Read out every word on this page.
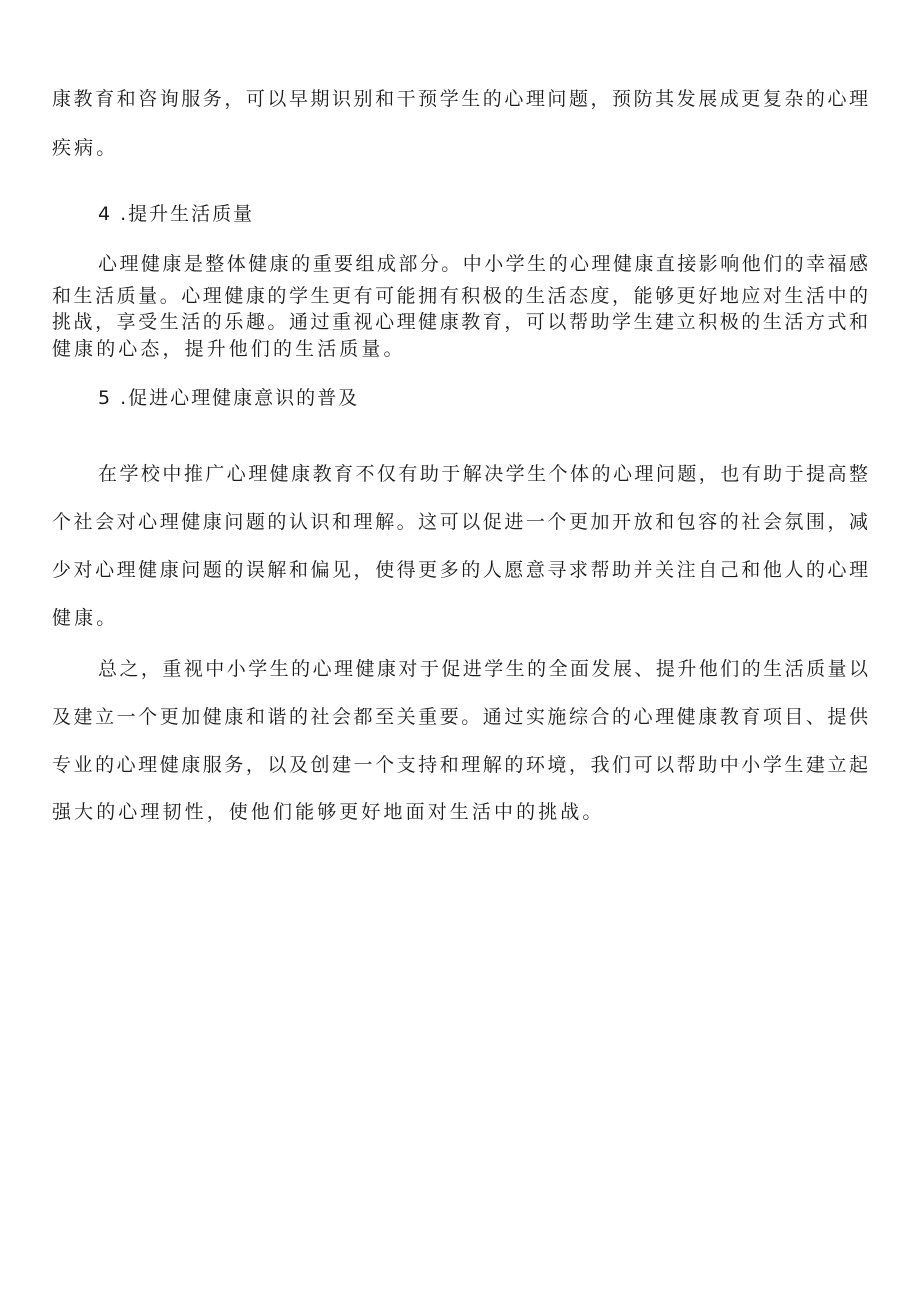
康教育和咨询服务，可以早期识别和干预学生的心理问题，预防其发展成更复杂的心理
疾病。
4 .提升生活质量
心理健康是整体健康的重要组成部分。中小学生的心理健康直接影响他们的幸福感
和生活质量。心理健康的学生更有可能拥有积极的生活态度，能够更好地应对生活中的
挑战，享受生活的乐趣。通过重视心理健康教育，可以帮助学生建立积极的生活方式和
健康的心态，提升他们的生活质量。
5 .促进心理健康意识的普及
在学校中推广心理健康教育不仅有助于解决学生个体的心理问题，也有助于提高整
个社会对心理健康问题的认识和理解。这可以促进一个更加开放和包容的社会氛围，减
少对心理健康问题的误解和偏见，使得更多的人愿意寻求帮助并关注自己和他人的心理
健康。
总之，重视中小学生的心理健康对于促进学生的全面发展、提升他们的生活质量以
及建立一个更加健康和谐的社会都至关重要。通过实施综合的心理健康教育项目、提供
专业的心理健康服务，以及创建一个支持和理解的环境，我们可以帮助中小学生建立起
强大的心理韧性，使他们能够更好地面对生活中的挑战。
